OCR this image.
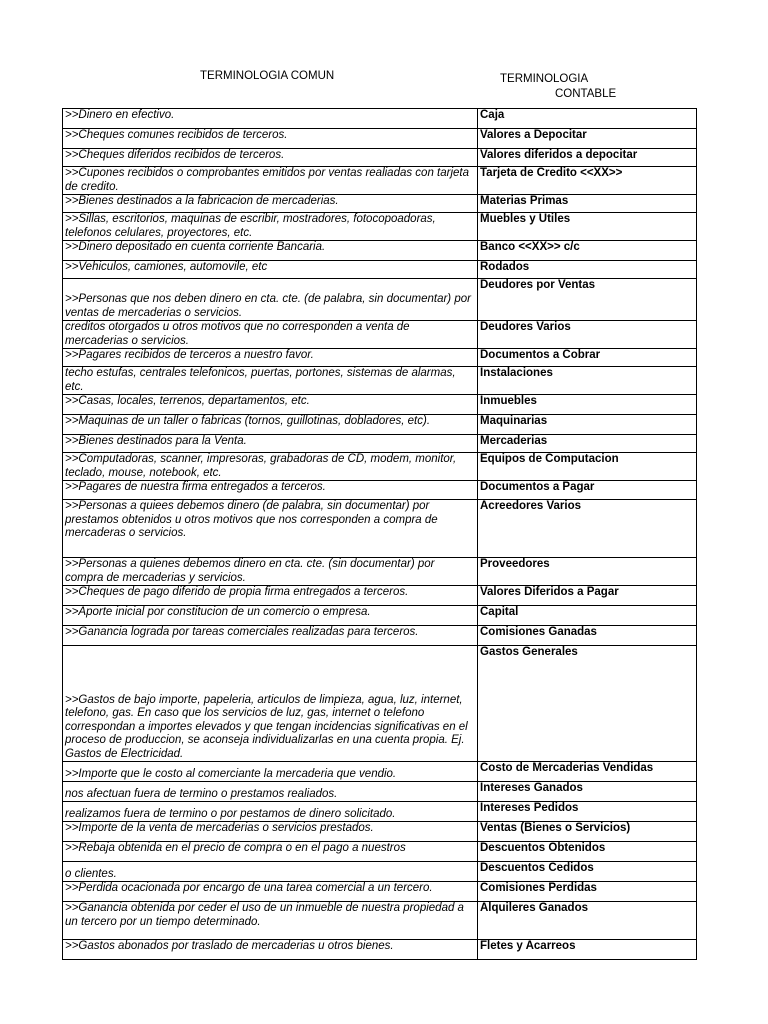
TERMINOLOGIA COMUN	TERMINOLOGIA
CONTABLE
>>Dinero en efectivo.	Caja
>>Cheques comunes recibidos de terceros.	Valores a Depocitar
>>Cheques diferidos recibidos de terceros.	Valores diferidos a depocitar
>>Cupones recibidos o comprobantes emitidos por ventas realiadas con tarjeta de credito.	Tarjeta de Credito <<XX>>
>>Bienes destinados a la fabricacion de mercaderias.	Materias Primas
>>Sillas, escritorios, maquinas de escribir, mostradores, fotocopoadoras, telefonos celulares, proyectores, etc.	Muebles y Utiles
>>Dinero depositado en cuenta corriente Bancaria.	Banco <<XX>> c/c
>>Vehiculos, camiones, automovile, etc	Rodados
>>Personas que nos deben dinero en cta. cte. (de palabra, sin documentar) por ventas de mercaderias o servicios.	Deudores por Ventas
creditos otorgados u otros motivos que no corresponden a venta de mercaderias o servicios.	Deudores Varios
>>Pagares recibidos de terceros a nuestro favor.	Documentos a Cobrar
techo estufas, centrales telefonicos, puertas, portones, sistemas de alarmas, etc.	Instalaciones
>>Casas, locales, terrenos, departamentos, etc.	Inmuebles
>>Maquinas de un taller o fabricas (tornos, guillotinas, dobladores, etc).	Maquinarias
>>Bienes destinados para la Venta.	Mercaderias
>>Computadoras, scanner, impresoras, grabadoras de CD, modem, monitor, teclado, mouse, notebook, etc.	Equipos de Computacion
>>Pagares de nuestra firma entregados a terceros.	Documentos a Pagar
>>Personas a quiees debemos dinero (de palabra, sin documentar) por prestamos obtenidos u otros motivos que nos corresponden a compra de mercaderas o servicios.	Acreedores Varios
>>Personas a quienes debemos dinero en cta. cte. (sin documentar) por compra de mercaderias y servicios.	Proveedores
>>Cheques de pago diferido de propia firma entregados a terceros.	Valores Diferidos a Pagar
>>Aporte inicial por constitucion de un comercio o empresa.	Capital
>>Ganancia lograda por tareas comerciales realizadas para terceros.	Comisiones Ganadas
>>Gastos de bajo importe, papeleria, articulos de limpieza, agua, luz, internet, telefono, gas. En caso que los servicios de luz, gas, internet o telefono correspondan a importes elevados y que tengan incidencias significativas en el proceso de produccion, se aconseja individualizarlas en una cuenta propia. Ej. Gastos de Electricidad.	Gastos Generales
>>Importe que le costo al comerciante la mercaderia que vendio.	Costo de Mercaderias Vendidas
nos afectuan fuera de termino o prestamos realiados.	Intereses Ganados
realizamos fuera de termino o por pestamos de dinero solicitado.	Intereses Pedidos
>>Importe de la venta de mercaderias o servicios prestados.	Ventas (Bienes o Servicios)
>>Rebaja obtenida en el precio de compra o en el pago a nuestros	Descuentos Obtenidos
o clientes.	Descuentos Cedidos
>>Perdida ocacionada por encargo de una tarea comercial a un tercero.	Comisiones Perdidas
>>Ganancia obtenida por ceder el uso de un inmueble de nuestra propiedad a un tercero por un tiempo determinado.	Alquileres Ganados
>>Gastos abonados por traslado de mercaderias u otros bienes.	Fletes y Acarreos
